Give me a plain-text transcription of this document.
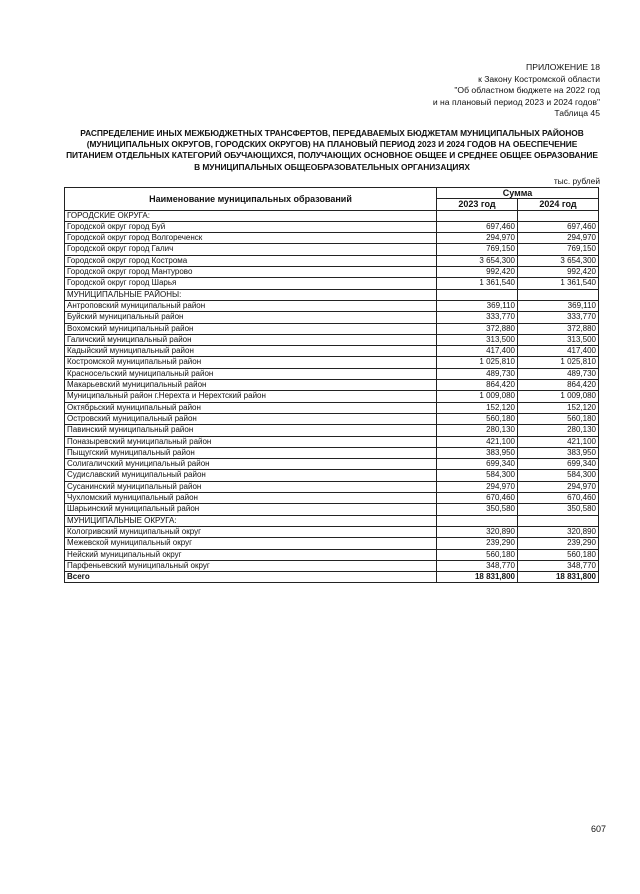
ПРИЛОЖЕНИЕ 18
к Закону Костромской области
"Об областном бюджете на 2022 год
и на плановый период 2023 и 2024 годов"
Таблица 45
РАСПРЕДЕЛЕНИЕ ИНЫХ МЕЖБЮДЖЕТНЫХ ТРАНСФЕРТОВ, ПЕРЕДАВАЕМЫХ БЮДЖЕТАМ МУНИЦИПАЛЬНЫХ РАЙОНОВ (МУНИЦИПАЛЬНЫХ ОКРУГОВ, ГОРОДСКИХ ОКРУГОВ) НА ПЛАНОВЫЙ ПЕРИОД 2023 И 2024 ГОДОВ НА ОБЕСПЕЧЕНИЕ ПИТАНИЕМ ОТДЕЛЬНЫХ КАТЕГОРИЙ ОБУЧАЮЩИХСЯ, ПОЛУЧАЮЩИХ ОСНОВНОЕ ОБЩЕЕ И СРЕДНЕЕ ОБЩЕЕ ОБРАЗОВАНИЕ В МУНИЦИПАЛЬНЫХ ОБЩЕОБРАЗОВАТЕЛЬНЫХ ОРГАНИЗАЦИЯХ
тыс. рублей
Наименование муниципальных образований	Сумма	
	2023 год	2024 год
ГОРОДСКИЕ ОКРУГА:		
Городской округ город Буй	697,460	697,460
Городской округ город Волгореченск	294,970	294,970
Городской округ город Галич	769,150	769,150
Городской округ город Кострома	3 654,300	3 654,300
Городской округ город Мантурово	992,420	992,420
Городской округ город Шарья	1 361,540	1 361,540
МУНИЦИПАЛЬНЫЕ РАЙОНЫ:		
Антроповский муниципальный район	369,110	369,110
Буйский муниципальный район	333,770	333,770
Вохомский муниципальный район	372,880	372,880
Галичский муниципальный район	313,500	313,500
Кадыйский муниципальный район	417,400	417,400
Костромской муниципальный район	1 025,810	1 025,810
Красносельский муниципальный район	489,730	489,730
Макарьевский муниципальный район	864,420	864,420
Муниципальный район г.Нерехта и Нерехтский район	1 009,080	1 009,080
Октябрьский муниципальный район	152,120	152,120
Островский муниципальный район	560,180	560,180
Павинский муниципальный район	280,130	280,130
Поназыревский муниципальный район	421,100	421,100
Пыщугский муниципальный район	383,950	383,950
Солигаличский муниципальный район	699,340	699,340
Судиславский муниципальный район	584,300	584,300
Сусанинский муниципальный район	294,970	294,970
Чухломский муниципальный район	670,460	670,460
Шарьинский муниципальный район	350,580	350,580
МУНИЦИПАЛЬНЫЕ ОКРУГА:		
Кологривский муниципальный округ	320,890	320,890
Межевской муниципальный округ	239,290	239,290
Нейский муниципальный округ	560,180	560,180
Парфеньевский муниципальный округ	348,770	348,770
Всего	18 831,800	18 831,800
607
